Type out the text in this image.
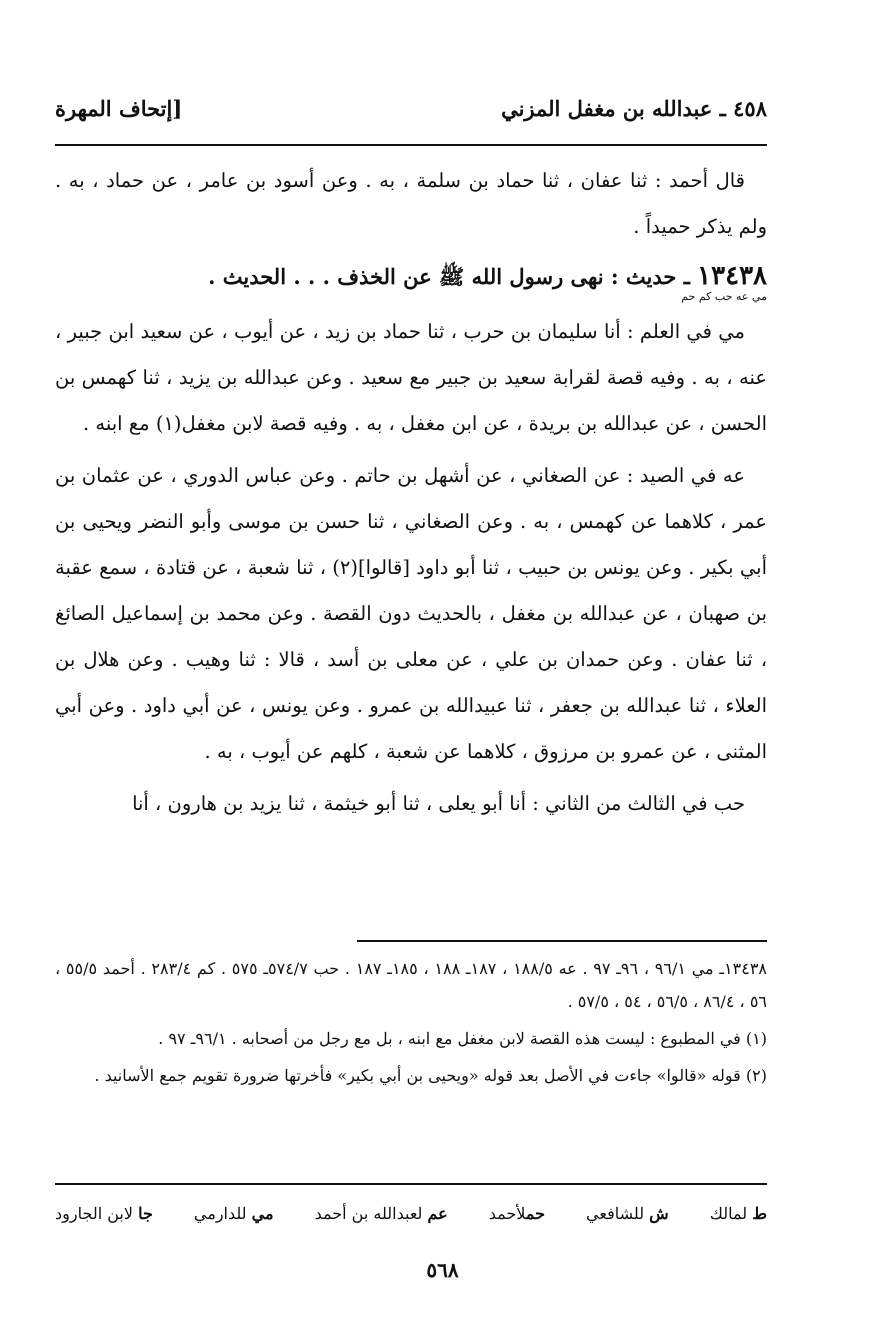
٤٥٨ ـ عبدالله بن مغفل المزني
[إتحاف المهرة

قال أحمد : ثنا عفان ، ثنا حماد بن سلمة ، به . وعن أسود بن عامر ، عن حماد ، به . ولم يذكر حميداً .

١٣٤٣٨ ـ حديث : نهى رسول الله ﷺ عن الخذف . . . الحديث .
مي عه حب كم حم

مي في العلم : أنا سليمان بن حرب ، ثنا حماد بن زيد ، عن أيوب ، عن سعيد ابن جبير ، عنه ، به . وفيه قصة لقرابة سعيد بن جبير مع سعيد . وعن عبدالله بن يزيد ، ثنا كهمس بن الحسن ، عن عبدالله بن بريدة ، عن ابن مغفل ، به . وفيه قصة لابن مغفل(١) مع ابنه .

عه في الصيد : عن الصغاني ، عن أشهل بن حاتم . وعن عباس الدوري ، عن عثمان بن عمر ، كلاهما عن كهمس ، به . وعن الصغاني ، ثنا حسن بن موسى وأبو النضر ويحيى بن أبي بكير . وعن يونس بن حبيب ، ثنا أبو داود [قالوا](٢) ، ثنا شعبة ، عن قتادة ، سمع عقبة بن صهبان ، عن عبدالله بن مغفل ، بالحديث دون القصة . وعن محمد بن إسماعيل الصائغ ، ثنا عفان . وعن حمدان بن علي ، عن معلى بن أسد ، قالا : ثنا وهيب . وعن هلال بن العلاء ، ثنا عبدالله بن جعفر ، ثنا عبيدالله بن عمرو . وعن يونس ، عن أبي داود . وعن أبي المثنى ، عن عمرو بن مرزوق ، كلاهما عن شعبة ، كلهم عن أيوب ، به .

حب في الثالث من الثاني : أنا أبو يعلى ، ثنا أبو خيثمة ، ثنا يزيد بن هارون ، أنا

١٣٤٣٨ـ مي ٩٦/١ ، ٩٦ـ ٩٧ . عه ١٨٨/٥ ، ١٨٧ـ ١٨٨ ، ١٨٥ـ ١٨٧ . حب ٥٧٤/٧ـ ٥٧٥ . كم ٢٨٣/٤ . أحمد ٥٥/٥ ، ٥٦ ، ٨٦/٤ ، ٥٦/٥ ، ٥٤ ، ٥٧/٥ .

(١) في المطبوع : ليست هذه القصة لابن مغفل مع ابنه ، بل مع رجل من أصحابه . ٩٦/١ـ ٩٧ .

(٢) قوله «قالوا» جاءت في الأصل بعد قوله «ويحيى بن أبي بكير» فأخرتها ضرورة تقويم جمع الأسانيد .

ط لمالك
ش للشافعي
حملأحمد
عم لعبدالله بن أحمد
مي للدارمي
جا لابن الجارود
٥٦٨
